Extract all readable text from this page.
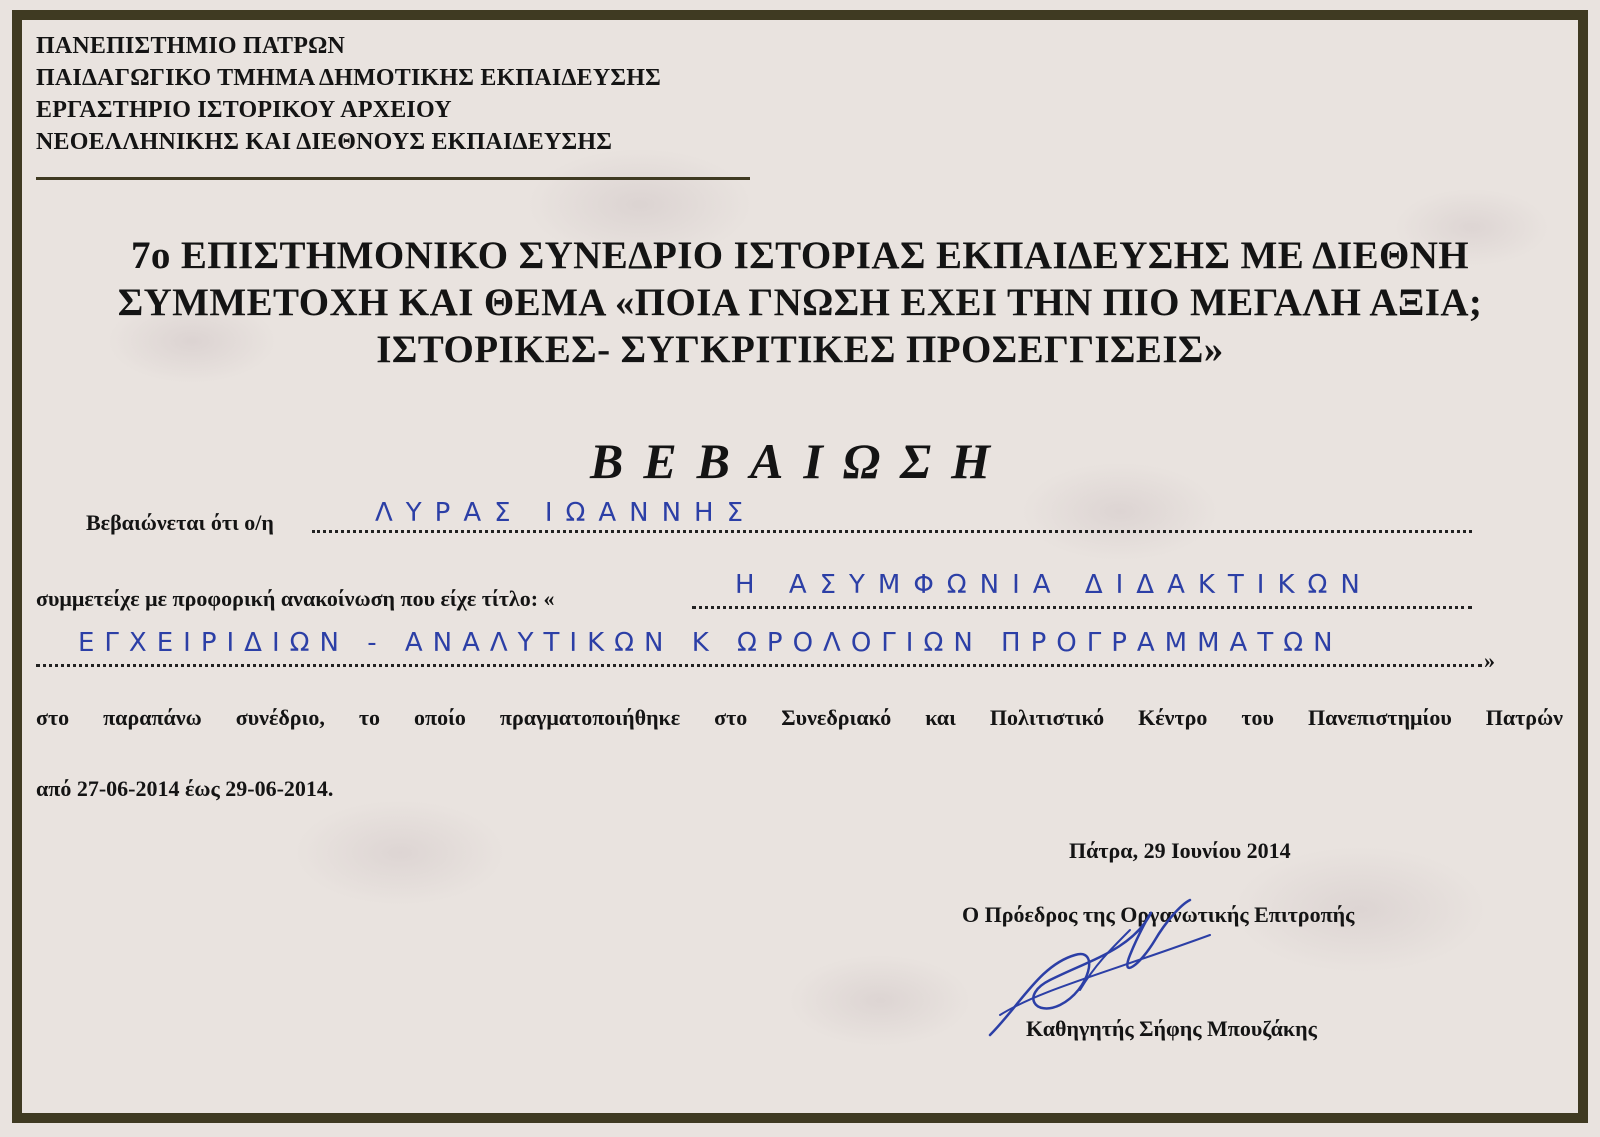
ΠΑΝΕΠΙΣΤΗΜΙΟ ΠΑΤΡΩΝ
ΠΑΙΔΑΓΩΓΙΚΟ ΤΜΗΜΑ ΔΗΜΟΤΙΚΗΣ ΕΚΠΑΙΔΕΥΣΗΣ
ΕΡΓΑΣΤΗΡΙΟ ΙΣΤΟΡΙΚΟΥ ΑΡΧΕΙΟΥ
ΝΕΟΕΛΛΗΝΙΚΗΣ ΚΑΙ ΔΙΕΘΝΟΥΣ ΕΚΠΑΙΔΕΥΣΗΣ
7ο ΕΠΙΣΤΗΜΟΝΙΚΟ ΣΥΝΕΔΡΙΟ ΙΣΤΟΡΙΑΣ ΕΚΠΑΙΔΕΥΣΗΣ ΜΕ ΔΙΕΘΝΗ
ΣΥΜΜΕΤΟΧΗ ΚΑΙ ΘΕΜΑ «ΠΟΙΑ ΓΝΩΣΗ ΕΧΕΙ ΤΗΝ ΠΙΟ ΜΕΓΑΛΗ ΑΞΙΑ;
ΙΣΤΟΡΙΚΕΣ- ΣΥΓΚΡΙΤΙΚΕΣ ΠΡΟΣΕΓΓΙΣΕΙΣ»
ΒΕΒΑΙΩΣΗ
Βεβαιώνεται ότι ο/η	ΛΥΡΑΣ ΙΩΑΝΝΗΣ
συμμετείχε με προφορική ανακοίνωση που είχε τίτλο: «	Η ΑΣΥΜΦΩΝΙΑ ΔΙΔΑΚΤΙΚΩΝ
ΕΓΧΕΙΡΙΔΙΩΝ - ΑΝΑΛΥΤΙΚΩΝ Κ ΩΡΟΛΟΓΙΩΝ ΠΡΟΓΡΑΜΜΑΤΩΝ
»
στο παραπάνω συνέδριο, το οποίο πραγματοποιήθηκε στο Συνεδριακό και Πολιτιστικό Κέντρο του Πανεπιστημίου Πατρών
από 27-06-2014 έως 29-06-2014.
Πάτρα, 29 Ιουνίου 2014
Ο Πρόεδρος της Οργανωτικής Επιτροπής
Καθηγητής Σήφης Μπουζάκης
